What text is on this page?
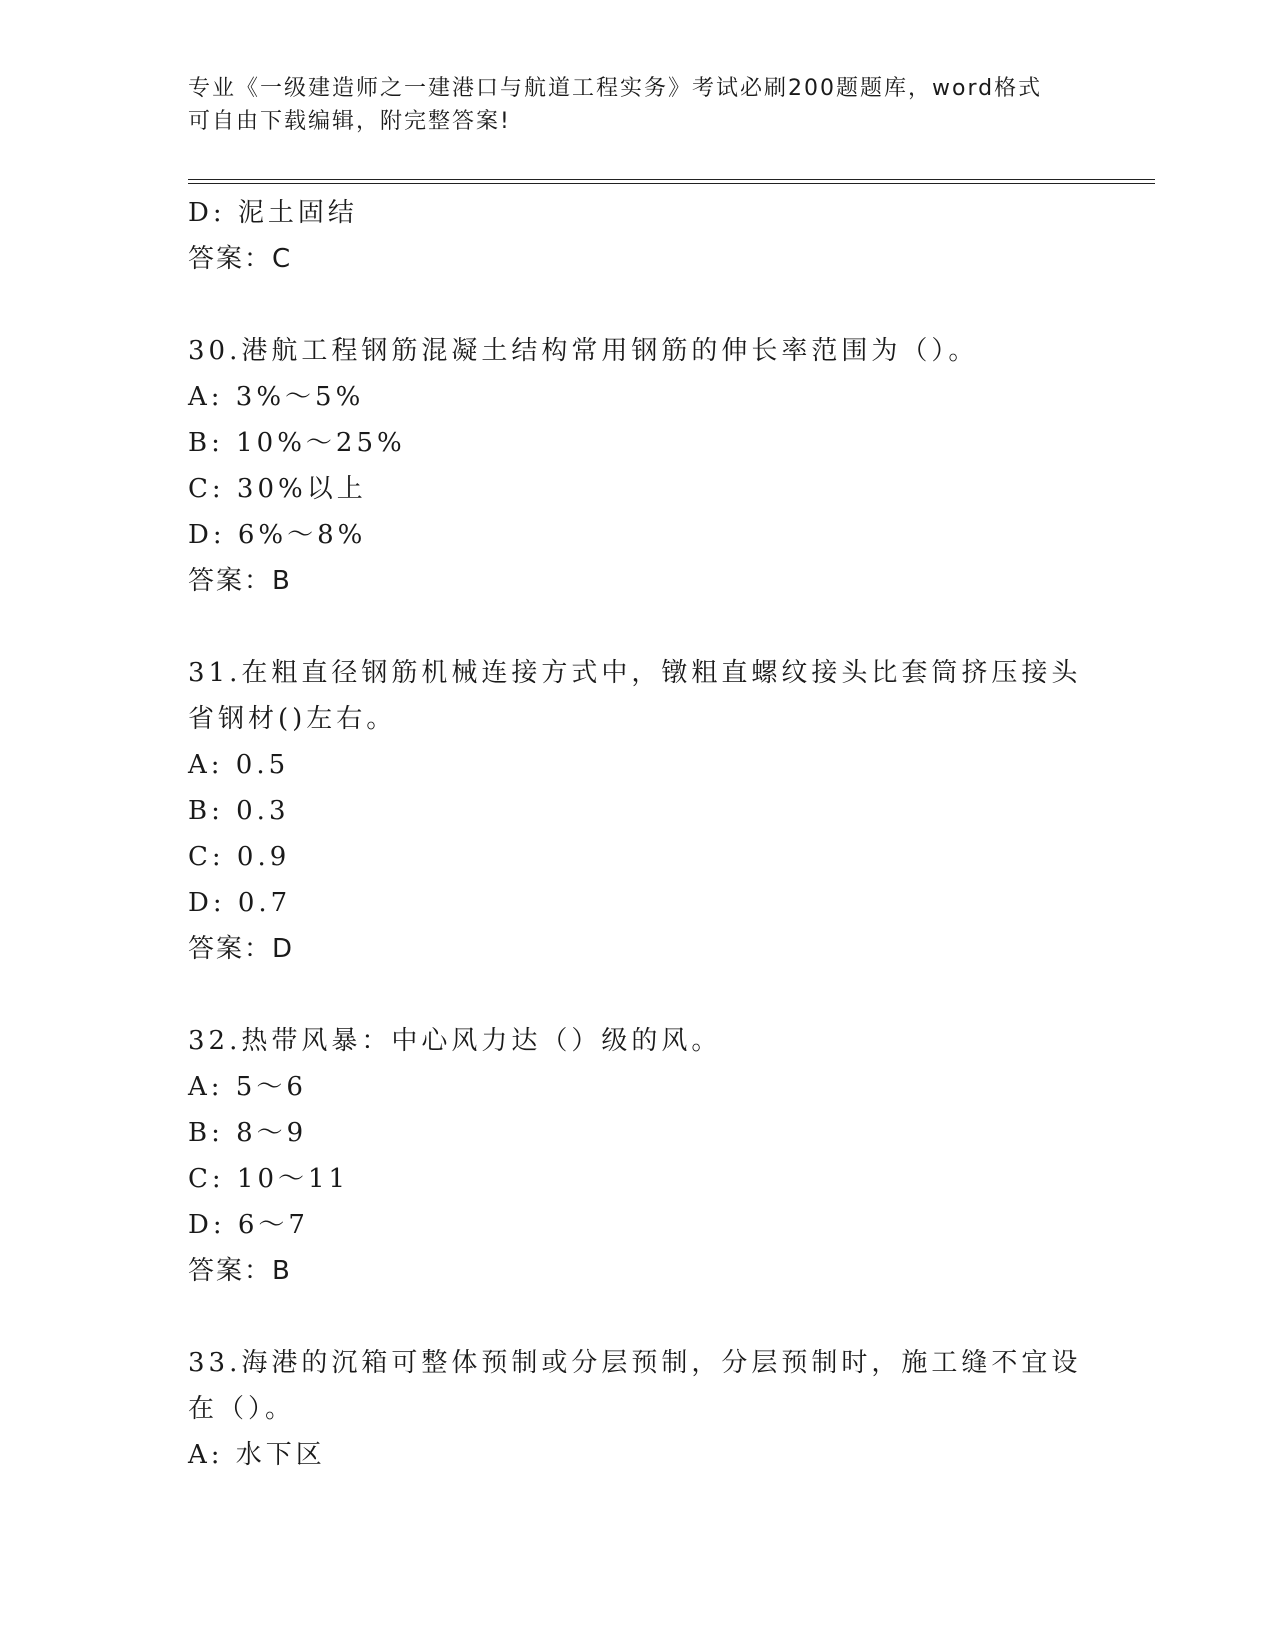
专业《一级建造师之一建港口与航道工程实务》考试必刷200题题库，word格式
可自由下载编辑，附完整答案!
D: 泥土固结
答案：C
30.港航工程钢筋混凝土结构常用钢筋的伸长率范围为（）。
A: 3%～5%
B: 10%～25%
C: 30%以上
D: 6%～8%
答案：B
31.在粗直径钢筋机械连接方式中，镦粗直螺纹接头比套筒挤压接头省钢材()左右。
A: 0.5
B: 0.3
C: 0.9
D: 0.7
答案：D
32.热带风暴：中心风力达（）级的风。
A: 5～6
B: 8～9
C: 10～11
D: 6～7
答案：B
33.海港的沉箱可整体预制或分层预制，分层预制时，施工缝不宜设在（）。
A: 水下区
